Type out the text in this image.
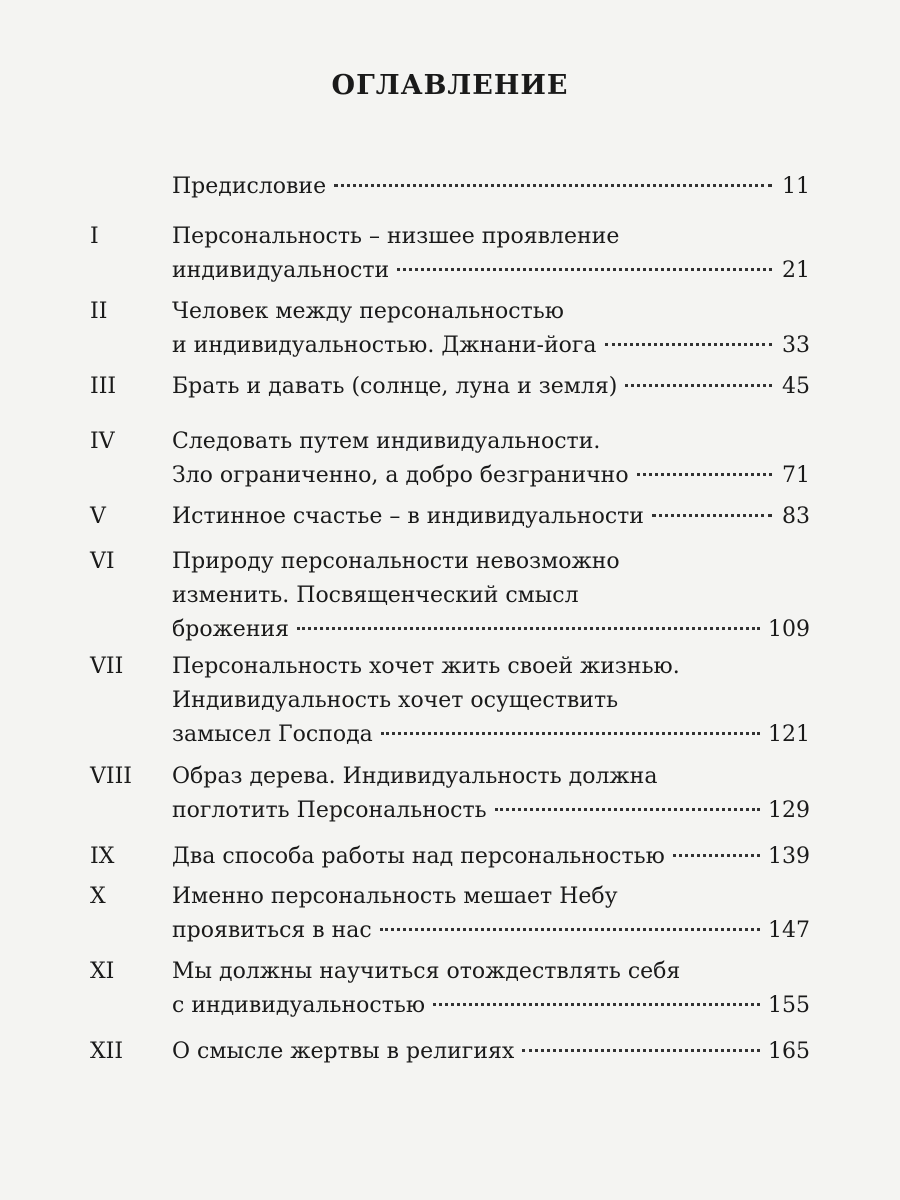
ОГЛАВЛЕНИЕ
Предисловие	11
I	Персональность – низшее проявление
индивидуальности	21
II	Человек между персональностью
и индивидуальностью. Джнани-йога	33
III	Брать и давать (солнце, луна и земля)	45
IV	Следовать путем индивидуальности.
Зло ограниченно, а добро безгранично	71
V	Истинное счастье – в индивидуальности	83
VI	Природу персональности невозможно
изменить. Посвященческий смысл
брожения	109
VII Персональность хочет жить своей жизнью.
Индивидуальность хочет осуществить
замысел Господа	121
VIII Образ дерева. Индивидуальность должна
поглотить Персональность	129
IX	Два способа работы над персональностью	139
X	Именно персональность мешает Небу
проявиться в нас	147
XI	Мы должны научиться отождествлять себя
с индивидуальностью	155
XII О смысле жертвы в религиях	165
